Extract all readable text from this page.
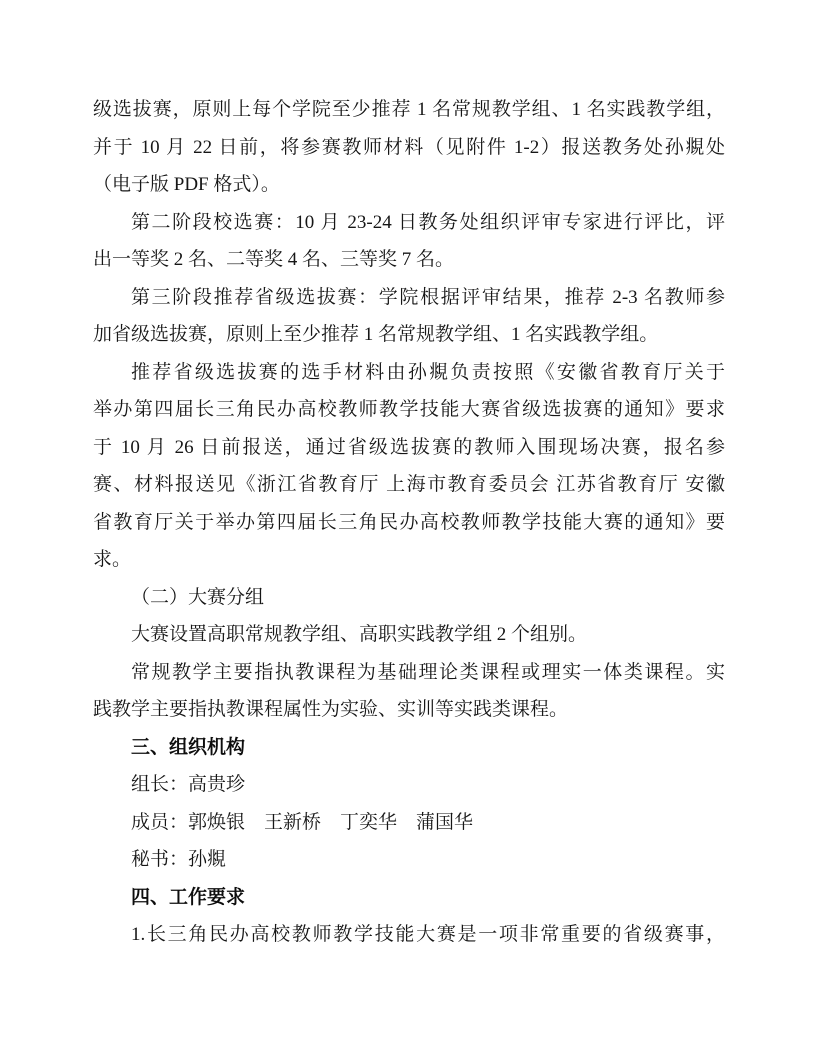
级选拔赛，原则上每个学院至少推荐 1 名常规教学组、1 名实践教学组，
并于 10 月 22 日前，将参赛教师材料（见附件 1-2）报送教务处孙覜处
（电子版 PDF 格式）。
第二阶段校选赛：10 月 23-24 日教务处组织评审专家进行评比，评
出一等奖 2 名、二等奖 4 名、三等奖 7 名。
第三阶段推荐省级选拔赛：学院根据评审结果，推荐 2-3 名教师参
加省级选拔赛，原则上至少推荐 1 名常规教学组、1 名实践教学组。
推荐省级选拔赛的选手材料由孙覜负责按照《安徽省教育厅关于
举办第四届长三角民办高校教师教学技能大赛省级选拔赛的通知》要求
于 10 月 26 日前报送，通过省级选拔赛的教师入围现场决赛，报名参
赛、材料报送见《浙江省教育厅 上海市教育委员会 江苏省教育厅 安徽
省教育厅关于举办第四届长三角民办高校教师教学技能大赛的通知》要
求。
（二）大赛分组
大赛设置高职常规教学组、高职实践教学组 2 个组别。
常规教学主要指执教课程为基础理论类课程或理实一体类课程。实
践教学主要指执教课程属性为实验、实训等实践类课程。
三、组织机构
组长：高贵珍
成员：郭焕银　王新桥　丁奕华　蒲国华
秘书：孙覜
四、工作要求
1.长三角民办高校教师教学技能大赛是一项非常重要的省级赛事，
